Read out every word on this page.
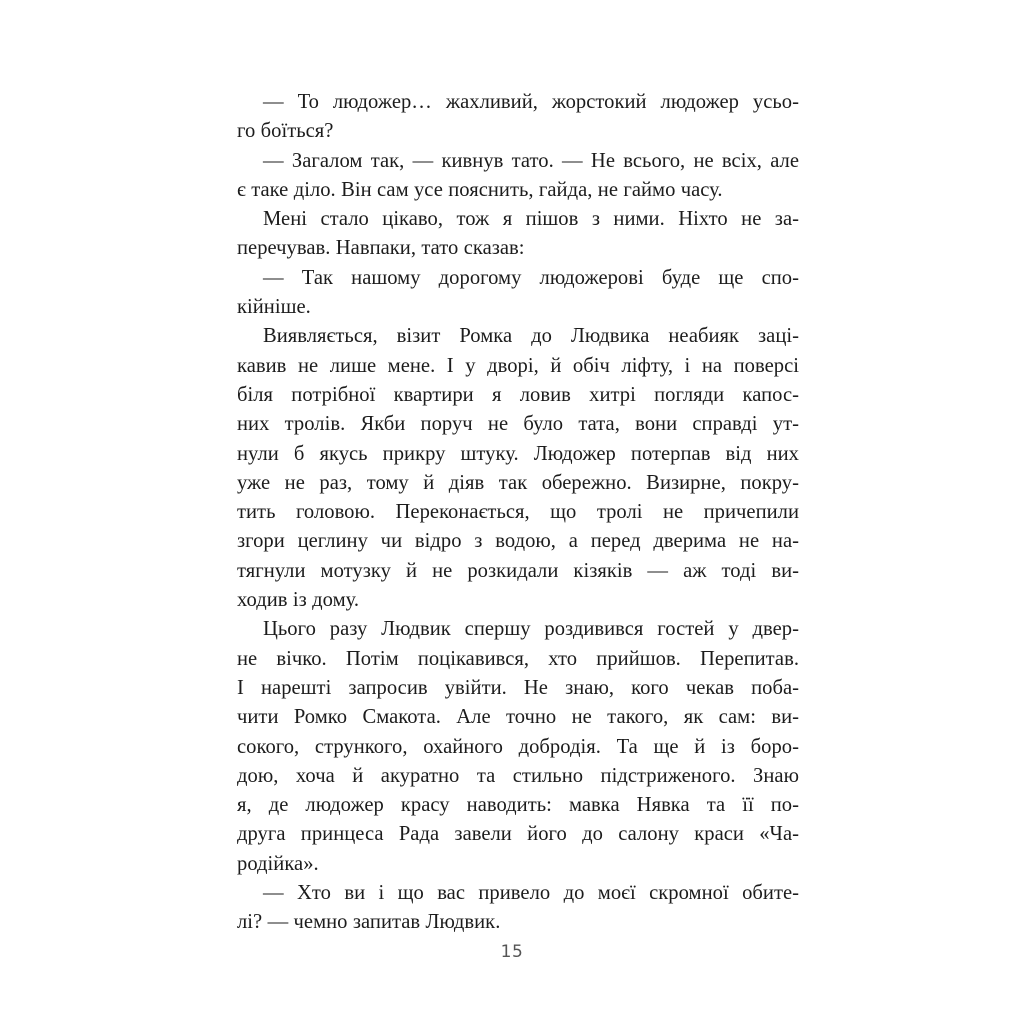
— То людожер… жахливий, жорстокий людожер усьо-
го боїться?

— Загалом так, — кивнув тато. — Не всього, не всіх, але
є таке діло. Він сам усе пояснить, гайда, не гаймо часу.

Мені стало цікаво, тож я пішов з ними. Ніхто не за-
перечував. Навпаки, тато сказав:

— Так нашому дорогому людожерові буде ще спо-
кійніше.

Виявляється, візит Ромка до Людвика неабияк заці-
кавив не лише мене. І у дворі, й обіч ліфту, і на поверсі
біля потрібної квартири я ловив хитрі погляди капос-
них тролів. Якби поруч не було тата, вони справді ут-
нули б якусь прикру штуку. Людожер потерпав від них
уже не раз, тому й діяв так обережно. Визирне, покру-
тить головою. Переконається, що тролі не причепили
згори цеглину чи відро з водою, а перед дверима не на-
тягнули мотузку й не розкидали кізяків — аж тоді ви-
ходив із дому.

Цього разу Людвик спершу роздивився гостей у двер-
не вічко. Потім поцікавився, хто прийшов. Перепитав.
І нарешті запросив увійти. Не знаю, кого чекав поба-
чити Ромко Смакота. Але точно не такого, як сам: ви-
сокого, стрункого, охайного добродія. Та ще й із боро-
дою, хоча й акуратно та стильно підстриженого. Знаю
я, де людожер красу наводить: мавка Нявка та її по-
друга принцеса Рада завели його до салону краси «Ча-
родійка».

— Хто ви і що вас привело до моєї скромної обите-
лі? — чемно запитав Людвик.

15
